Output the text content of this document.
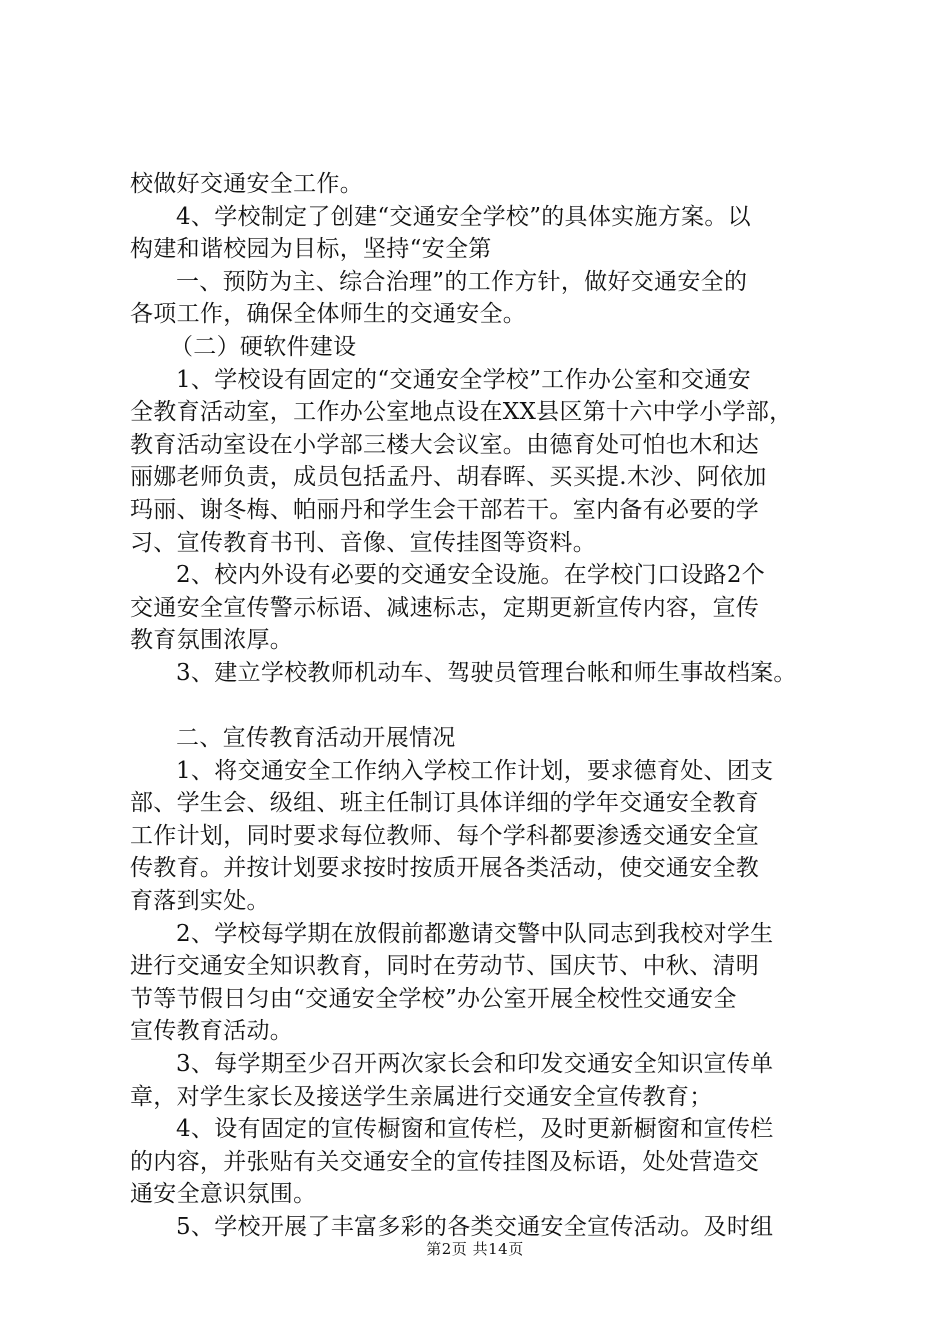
校做好交通安全工作。
4、学校制定了创建“交通安全学校”的具体实施方案。以
构建和谐校园为目标，坚持“安全第
一、预防为主、综合治理”的工作方针，做好交通安全的
各项工作，确保全体师生的交通安全。
（二）硬软件建设
1、学校设有固定的“交通安全学校”工作办公室和交通安
全教育活动室，工作办公室地点设在XX县区第十六中学小学部，
教育活动室设在小学部三楼大会议室。由德育处可怕也木和达
丽娜老师负责，成员包括孟丹、胡春晖、买买提.木沙、阿依加
玛丽、谢冬梅、帕丽丹和学生会干部若干。室内备有必要的学
习、宣传教育书刊、音像、宣传挂图等资料。
2、校内外设有必要的交通安全设施。在学校门口设路2个
交通安全宣传警示标语、减速标志，定期更新宣传内容，宣传
教育氛围浓厚。
3、建立学校教师机动车、驾驶员管理台帐和师生事故档案。
二、宣传教育活动开展情况
1、将交通安全工作纳入学校工作计划，要求德育处、团支
部、学生会、级组、班主任制订具体详细的学年交通安全教育
工作计划，同时要求每位教师、每个学科都要渗透交通安全宣
传教育。并按计划要求按时按质开展各类活动，使交通安全教
育落到实处。
2、学校每学期在放假前都邀请交警中队同志到我校对学生
进行交通安全知识教育，同时在劳动节、国庆节、中秋、清明
节等节假日匀由“交通安全学校”办公室开展全校性交通安全
宣传教育活动。
3、每学期至少召开两次家长会和印发交通安全知识宣传单
章，对学生家长及接送学生亲属进行交通安全宣传教育；
4、设有固定的宣传橱窗和宣传栏，及时更新橱窗和宣传栏
的内容，并张贴有关交通安全的宣传挂图及标语，处处营造交
通安全意识氛围。
5、学校开展了丰富多彩的各类交通安全宣传活动。及时组
第2页 共14页
